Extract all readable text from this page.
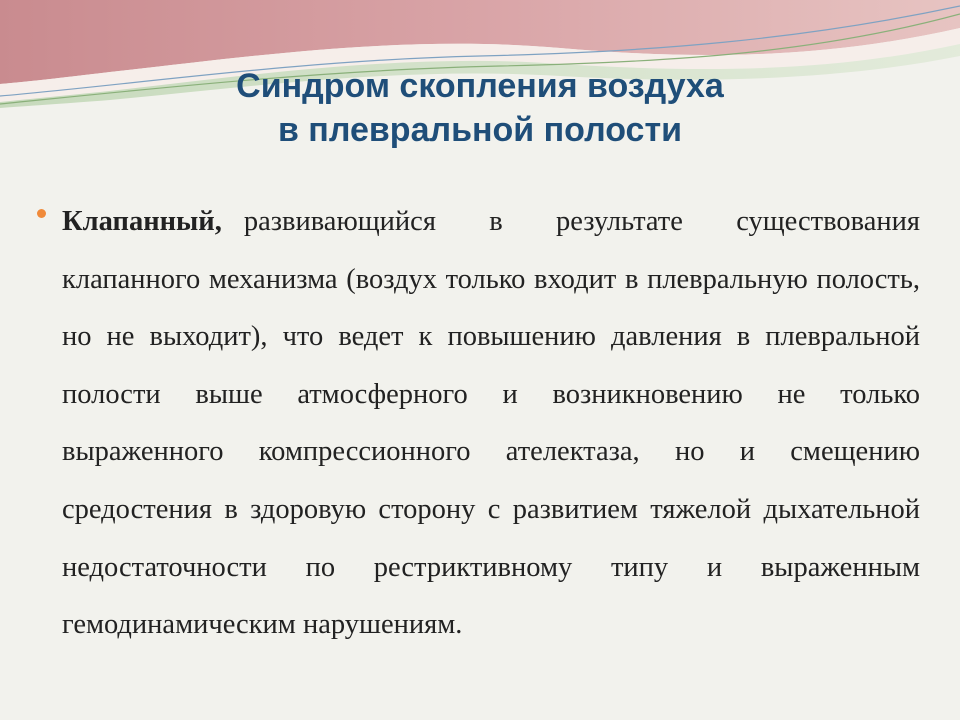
Синдром скопления воздуха
в плевральной полости
Клапанный, развивающийся в результате существования клапанного механизма (воздух только входит в плевральную полость, но не выходит), что ведет к повышению давления в плевральной полости выше атмосферного и возникновению не только выраженного компрессионного ателектаза, но и смещению средостения в здоровую сторону с развитием тяжелой дыхательной недостаточности по рестриктивному типу и выраженным гемодинамическим нарушениям.
